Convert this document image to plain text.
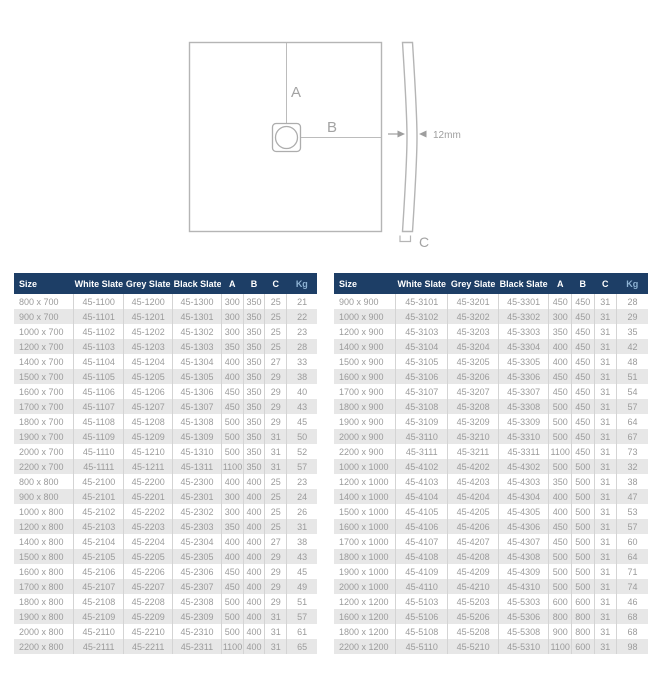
A
B	12mm
C
Size	White Slate	Grey Slate	Black Slate	A	B	C	Kg
800 x 700	45-1100	45-1200	45-1300	300	350	25	21
900 x 700	45-1101	45-1201	45-1301	300	350	25	22
1000 x 700	45-1102	45-1202	45-1302	300	350	25	23
1200 x 700	45-1103	45-1203	45-1303	350	350	25	28
1400 x 700	45-1104	45-1204	45-1304	400	350	27	33
1500 x 700	45-1105	45-1205	45-1305	400	350	29	38
1600 x 700	45-1106	45-1206	45-1306	450	350	29	40
1700 x 700	45-1107	45-1207	45-1307	450	350	29	43
1800 x 700	45-1108	45-1208	45-1308	500	350	29	45
1900 x 700	45-1109	45-1209	45-1309	500	350	31	50
2000 x 700	45-1110	45-1210	45-1310	500	350	31	52
2200 x 700	45-1111	45-1211	45-1311	1100	350	31	57
800 x 800	45-2100	45-2200	45-2300	400	400	25	23
900 x 800	45-2101	45-2201	45-2301	300	400	25	24
1000 x 800	45-2102	45-2202	45-2302	300	400	25	26
1200 x 800	45-2103	45-2203	45-2303	350	400	25	31
1400 x 800	45-2104	45-2204	45-2304	400	400	27	38
1500 x 800	45-2105	45-2205	45-2305	400	400	29	43
1600 x 800	45-2106	45-2206	45-2306	450	400	29	45
1700 x 800	45-2107	45-2207	45-2307	450	400	29	49
1800 x 800	45-2108	45-2208	45-2308	500	400	29	51
1900 x 800	45-2109	45-2209	45-2309	500	400	31	57
2000 x 800	45-2110	45-2210	45-2310	500	400	31	61
2200 x 800	45-2111	45-2211	45-2311	1100	400	31	65
Size	White Slate	Grey Slate	Black Slate	A	B	C	Kg
900 x 900	45-3101	45-3201	45-3301	450	450	31	28
1000 x 900	45-3102	45-3202	45-3302	300	450	31	29
1200 x 900	45-3103	45-3203	45-3303	350	450	31	35
1400 x 900	45-3104	45-3204	45-3304	400	450	31	42
1500 x 900	45-3105	45-3205	45-3305	400	450	31	48
1600 x 900	45-3106	45-3206	45-3306	450	450	31	51
1700 x 900	45-3107	45-3207	45-3307	450	450	31	54
1800 x 900	45-3108	45-3208	45-3308	500	450	31	57
1900 x 900	45-3109	45-3209	45-3309	500	450	31	64
2000 x 900	45-3110	45-3210	45-3310	500	450	31	67
2200 x 900	45-3111	45-3211	45-3311	1100	450	31	73
1000 x 1000	45-4102	45-4202	45-4302	500	500	31	32
1200 x 1000	45-4103	45-4203	45-4303	350	500	31	38
1400 x 1000	45-4104	45-4204	45-4304	400	500	31	47
1500 x 1000	45-4105	45-4205	45-4305	400	500	31	53
1600 x 1000	45-4106	45-4206	45-4306	450	500	31	57
1700 x 1000	45-4107	45-4207	45-4307	450	500	31	60
1800 x 1000	45-4108	45-4208	45-4308	500	500	31	64
1900 x 1000	45-4109	45-4209	45-4309	500	500	31	71
2000 x 1000	45-4110	45-4210	45-4310	500	500	31	74
1200 x 1200	45-5103	45-5203	45-5303	600	600	31	46
1600 x 1200	45-5106	45-5206	45-5306	800	800	31	68
1800 x 1200	45-5108	45-5208	45-5308	900	800	31	68
2200 x 1200	45-5110	45-5210	45-5310	1100	600	31	98
